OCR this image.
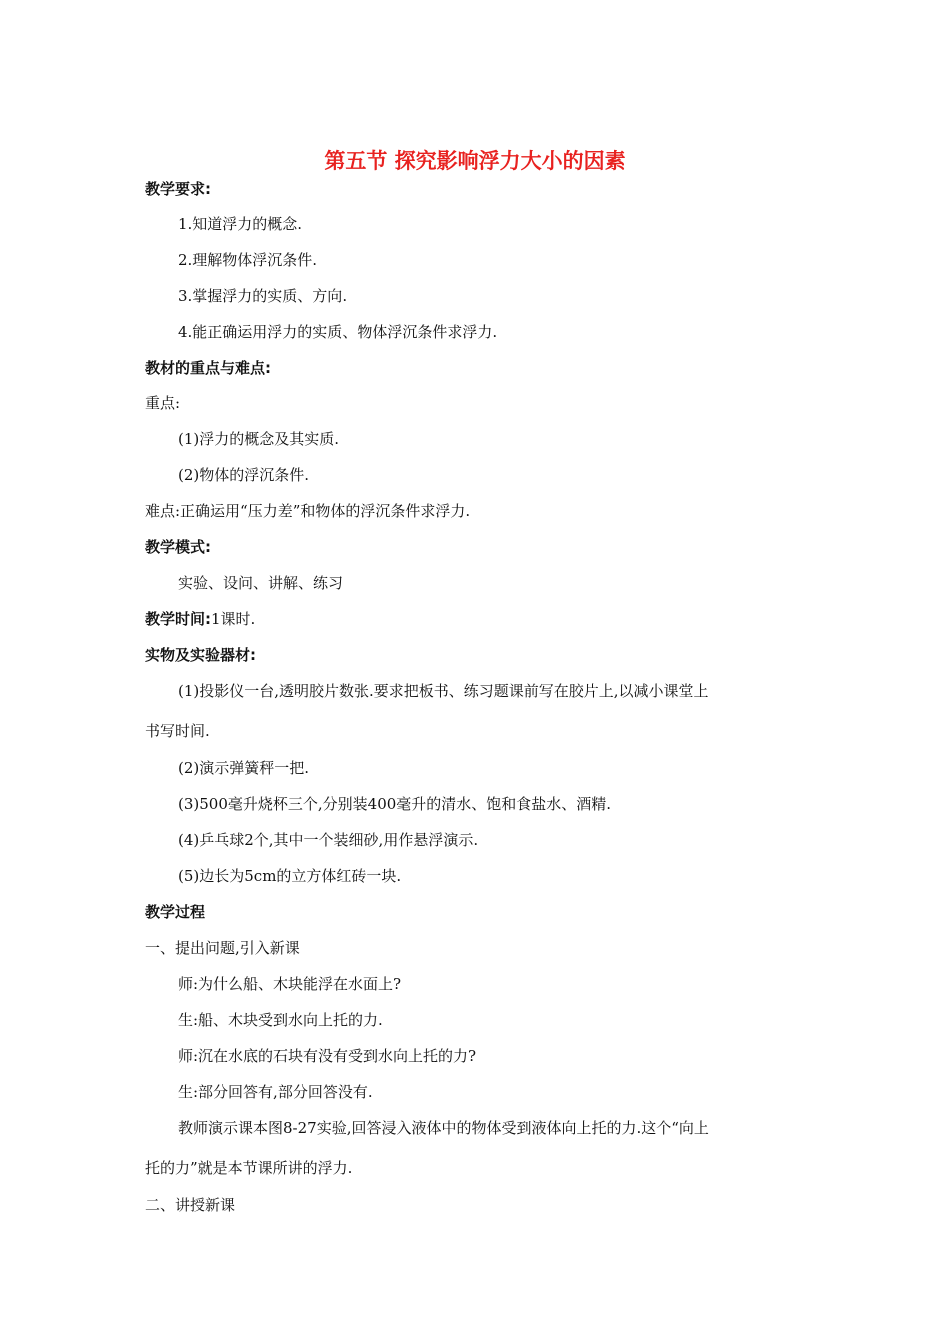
第五节 探究影响浮力大小的因素
教学要求:
1.知道浮力的概念.
2.理解物体浮沉条件.
3.掌握浮力的实质、方向.
4.能正确运用浮力的实质、物体浮沉条件求浮力.
教材的重点与难点:
重点:
(1)浮力的概念及其实质.
(2)物体的浮沉条件.
难点:正确运用“压力差”和物体的浮沉条件求浮力.
教学模式:
实验、设问、讲解、练习
教学时间:1课时.
实物及实验器材:
(1)投影仪一台,透明胶片数张.要求把板书、练习题课前写在胶片上,以减小课堂上
书写时间.
(2)演示弹簧秤一把.
(3)500毫升烧杯三个,分别装400毫升的清水、饱和食盐水、酒精.
(4)乒乓球2个,其中一个装细砂,用作悬浮演示.
(5)边长为5cm的立方体红砖一块.
教学过程
一、提出问题,引入新课
师:为什么船、木块能浮在水面上?
生:船、木块受到水向上托的力.
师:沉在水底的石块有没有受到水向上托的力?
生:部分回答有,部分回答没有.
教师演示课本图8-27实验,回答浸入液体中的物体受到液体向上托的力.这个“向上
托的力”就是本节课所讲的浮力.
二、讲授新课
